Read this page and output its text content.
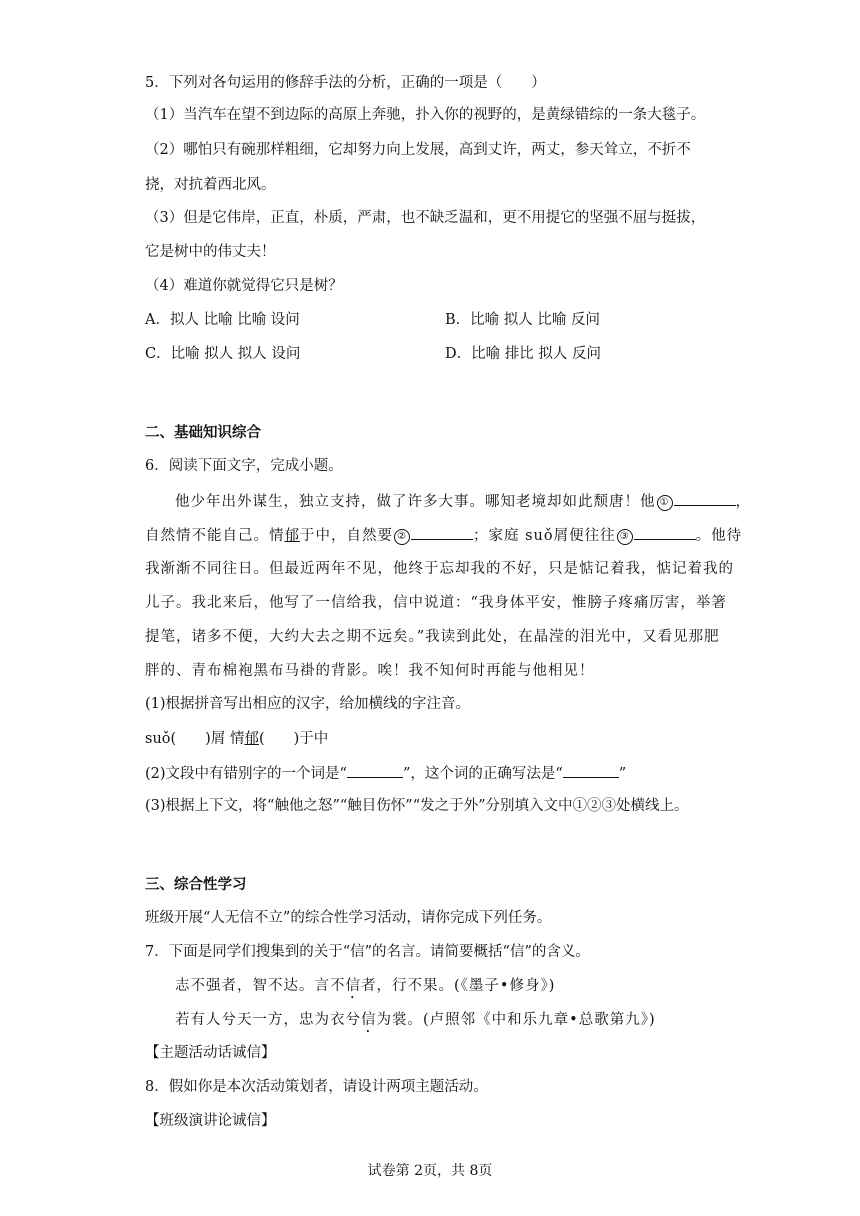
5．下列对各句运用的修辞手法的分析，正确的一项是（　　）
（1）当汽车在望不到边际的高原上奔驰，扑入你的视野的，是黄绿错综的一条大毯子。
（2）哪怕只有碗那样粗细，它却努力向上发展，高到丈许，两丈，参天耸立，不折不
挠，对抗着西北风。
（3）但是它伟岸，正直，朴质，严肃，也不缺乏温和，更不用提它的坚强不屈与挺拔，
它是树中的伟丈夫！
（4）难道你就觉得它只是树？
A．拟人 比喻 比喻 设问	B．比喻 拟人 比喻 反问
C．比喻 拟人 拟人 设问	D．比喻 排比 拟人 反问
二、基础知识综合
6．阅读下面文字，完成小题。
他少年出外谋生，独立支持，做了许多大事。哪知老境却如此颓唐！他 ①	，
自然情不能自己。情郁于中，自然要 ②	；家庭 suǒ屑便往往 ③	。他待
我渐渐不同往日。但最近两年不见，他终于忘却我的不好，只是惦记着我，惦记着我的
儿子。我北来后，他写了一信给我，信中说道：“我身体平安，惟膀子疼痛厉害，举箸
提笔，诸多不便，大约大去之期不远矣。”我读到此处，在晶滢的泪光中，又看见那肥
胖的、青布棉袍黑布马褂的背影。唉！我不知何时再能与他相见！
(1)根据拼音写出相应的汉字，给加横线的字注音。
suǒ(　　)屑 情郁(　　)于中
(2)文段中有错别字的一个词是“	”，这个词的正确写法是“	”
(3)根据上下文，将“触他之怒”“触目伤怀”“发之于外”分别填入文中①②③处横线上。
三、综合性学习
班级开展“人无信不立”的综合性学习活动，请你完成下列任务。
7．下面是同学们搜集到的关于“信”的名言。请简要概括“信”的含义。
志不强者，智不达。言不信者，行不果。(《墨子•修身》)
若有人兮天一方，忠为衣兮信为裳。(卢照邻《中和乐九章•总歌第九》)
【主题活动话诚信】
8．假如你是本次活动策划者，请设计两项主题活动。
【班级演讲论诚信】
试卷第 2页，共 8页
